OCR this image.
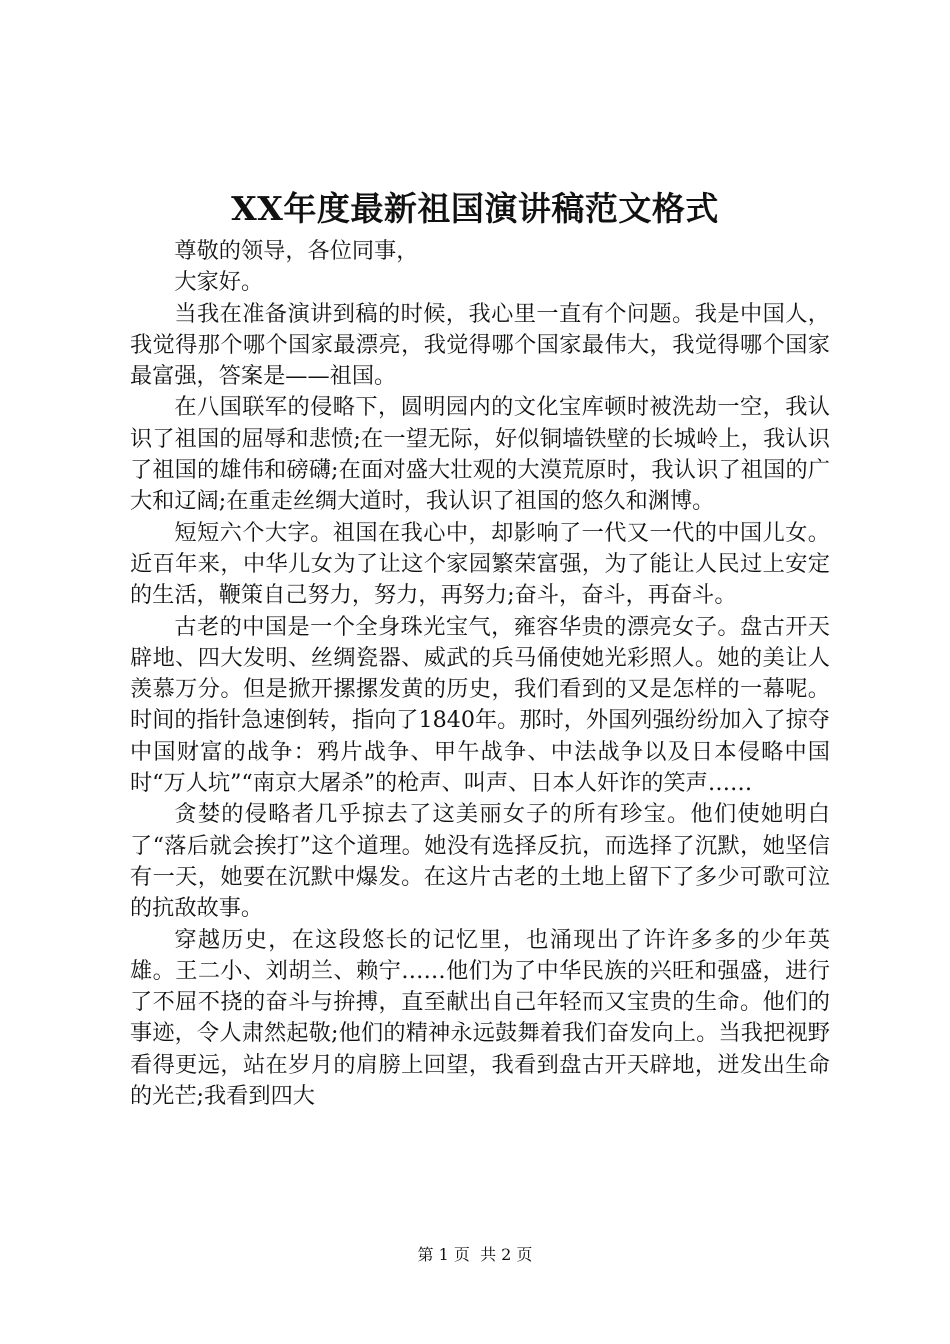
XX年度最新祖国演讲稿范文格式

尊敬的领导，各位同事，

大家好。

当我在准备演讲到稿的时候，我心里一直有个问题。我是中国人，我觉得那个哪个国家最漂亮，我觉得哪个国家最伟大，我觉得哪个国家最富强，答案是——祖国。

在八国联军的侵略下，圆明园内的文化宝库顿时被洗劫一空，我认识了祖国的屈辱和悲愤;在一望无际，好似铜墙铁壁的长城岭上，我认识了祖国的雄伟和磅礴;在面对盛大壮观的大漠荒原时，我认识了祖国的广大和辽阔;在重走丝绸大道时，我认识了祖国的悠久和渊博。

短短六个大字。祖国在我心中，却影响了一代又一代的中国儿女。近百年来，中华儿女为了让这个家园繁荣富强，为了能让人民过上安定的生活，鞭策自己努力，努力，再努力;奋斗，奋斗，再奋斗。

古老的中国是一个全身珠光宝气，雍容华贵的漂亮女子。盘古开天辟地、四大发明、丝绸瓷器、威武的兵马俑使她光彩照人。她的美让人羡慕万分。但是掀开摞摞发黄的历史，我们看到的又是怎样的一幕呢。时间的指针急速倒转，指向了1840年。那时，外国列强纷纷加入了掠夺中国财富的战争：鸦片战争、甲午战争、中法战争以及日本侵略中国时“万人坑”“南京大屠杀”的枪声、叫声、日本人奸诈的笑声……

贪婪的侵略者几乎掠去了这美丽女子的所有珍宝。他们使她明白了“落后就会挨打”这个道理。她没有选择反抗，而选择了沉默，她坚信有一天，她要在沉默中爆发。在这片古老的土地上留下了多少可歌可泣的抗敌故事。

穿越历史，在这段悠长的记忆里，也涌现出了许许多多的少年英雄。王二小、刘胡兰、赖宁……他们为了中华民族的兴旺和强盛，进行了不屈不挠的奋斗与拚搏，直至献出自己年轻而又宝贵的生命。他们的事迹，令人肃然起敬;他们的精神永远鼓舞着我们奋发向上。当我把视野看得更远，站在岁月的肩膀上回望，我看到盘古开天辟地，迸发出生命的光芒;我看到四大

第 1 页 共 2 页
